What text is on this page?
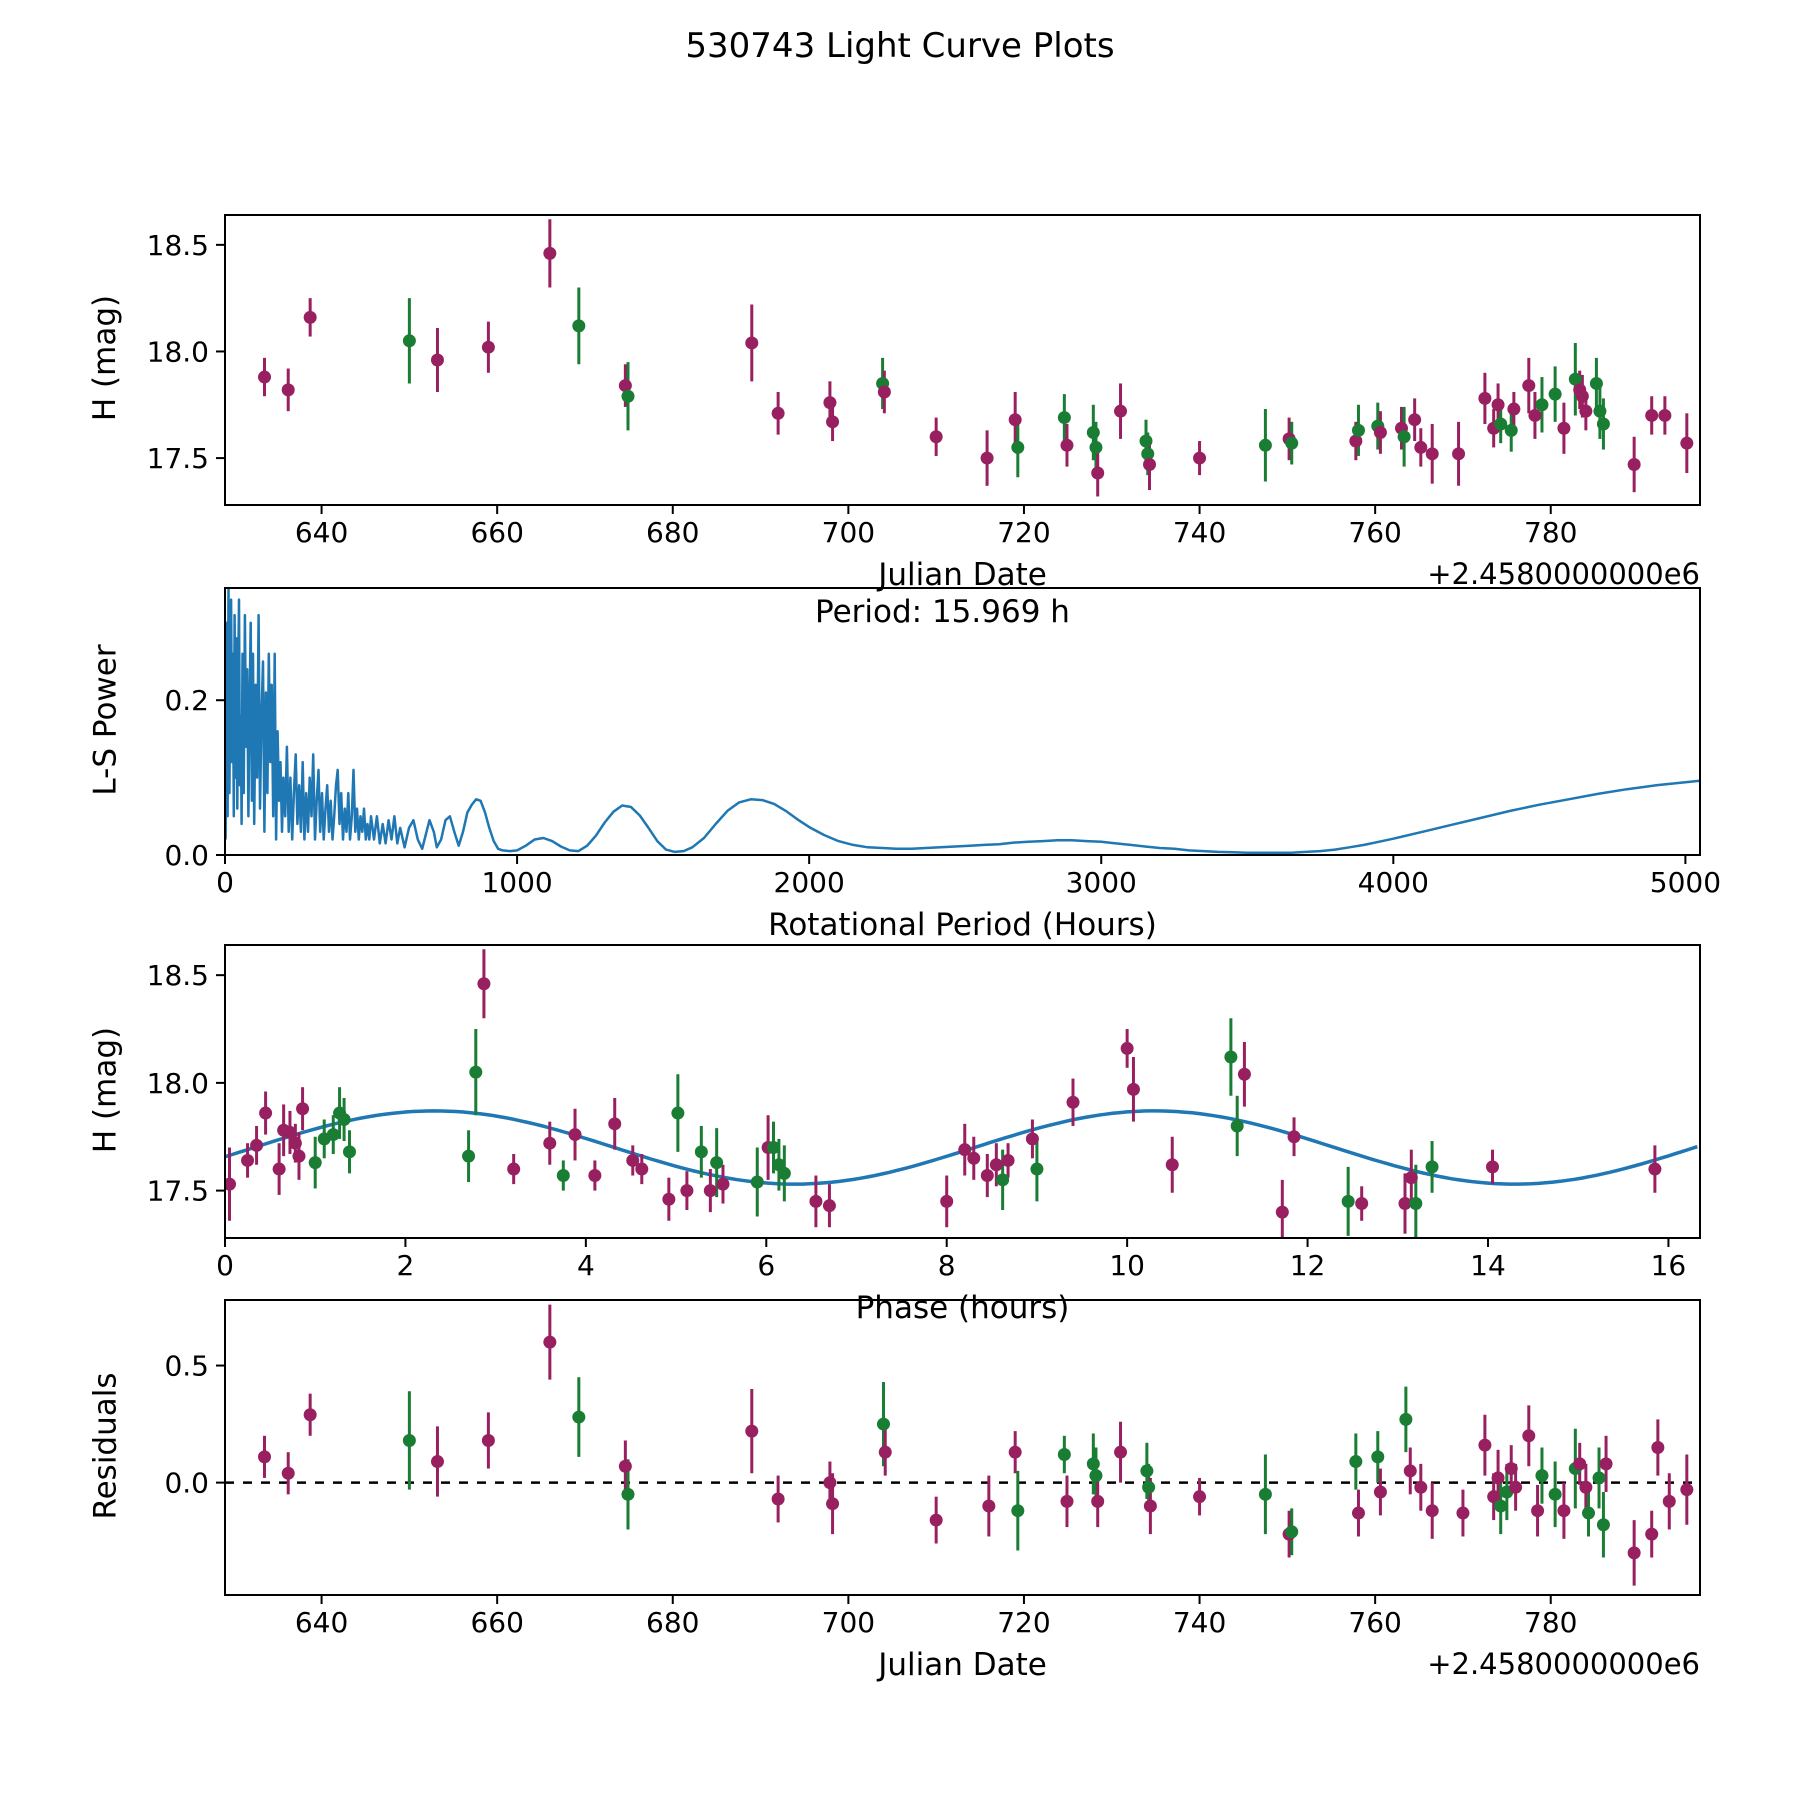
640	660	680	700	720	740	760	780
17.5
18.0
18.5
0	1000	2000	3000	4000	5000
0.0
0.2
0	2	4	6	8	10	12	14	16
17.5
18.0
18.5
640	660	680	700	720	740	760	780
0.0
0.5
530743 Light Curve Plots
H (mag)
Julian Date	+2.4580000000e6
L-S Power
Rotational Period (Hours)
Period: 15.969 h
H (mag)
Phase (hours)
Residuals
Julian Date	+2.4580000000e6
